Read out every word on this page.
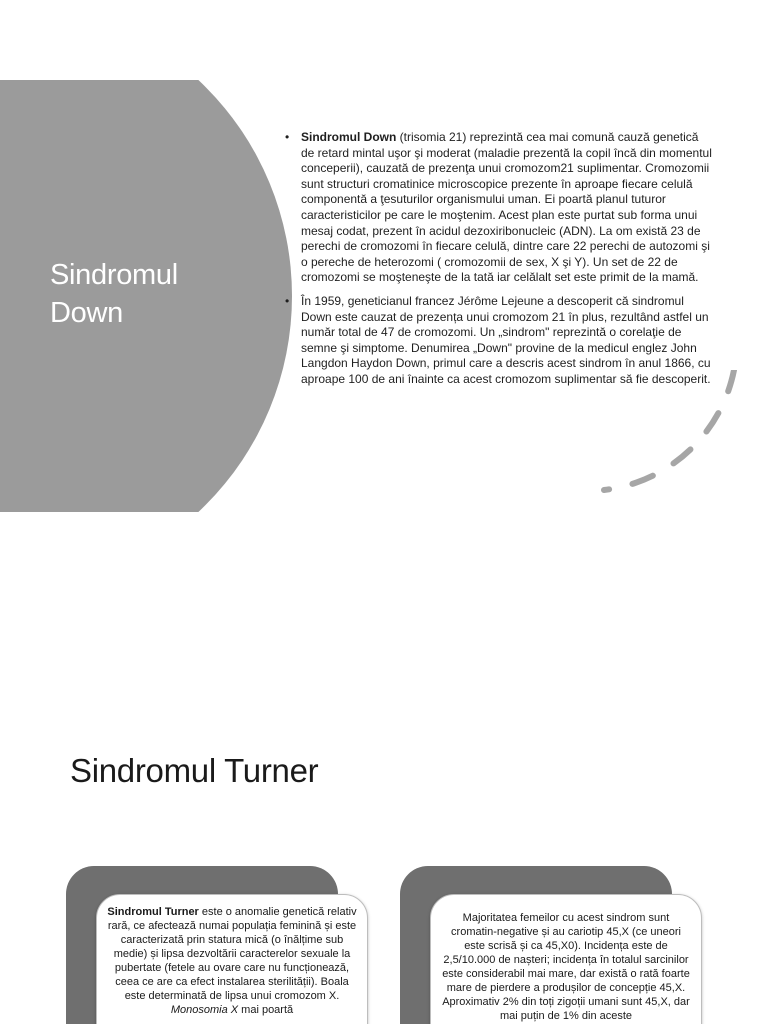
Sindromul Down
• Sindromul Down (trisomia 21) reprezintă cea mai comună cauză genetică de retard mintal uşor şi moderat (maladie prezentă la copil încă din momentul conceperii), cauzată de prezenţa unui cromozom21 suplimentar. Cromozomii sunt structuri cromatinice microscopice prezente în aproape fiecare celulă componentă a ţesuturilor organismului uman. Ei poartă planul tuturor caracteristicilor pe care le moştenim. Acest plan este purtat sub forma unui mesaj codat, prezent în acidul dezoxiribonucleic (ADN). La om există 23 de perechi de cromozomi în fiecare celulă, dintre care 22 perechi de autozomi şi o pereche de heterozomi ( cromozomii de sex, X şi Y). Un set de 22 de cromozomi se moşteneşte de la tată iar celălalt set este primit de la mamă.
• În 1959, geneticianul francez Jérôme Lejeune a descoperit că sindromul Down este cauzat de prezența unui cromozom 21 în plus, rezultând astfel un număr total de 47 de cromozomi. Un „sindrom" reprezintă o corelaţie de semne şi simptome. Denumirea „Down" provine de la medicul englez John Langdon Haydon Down, primul care a descris acest sindrom în anul 1866, cu aproape 100 de ani înainte ca acest cromozom suplimentar să fie descoperit.
Sindromul Turner
Sindromul Turner este o anomalie genetică relativ rară, ce afectează numai populația feminină și este caracterizată prin statura mică (o înălțime sub medie) și lipsa dezvoltării caracterelor sexuale la pubertate (fetele au ovare care nu funcționează, ceea ce are ca efect instalarea sterilității). Boala este determinată de lipsa unui cromozom X. Monosomia X mai poartă
Majoritatea femeilor cu acest sindrom sunt cromatin-negative și au cariotip 45,X (ce uneori este scrisă și ca 45,X0). Incidența este de 2,5/10.000 de nașteri; incidența în totalul sarcinilor este considerabil mai mare, dar există o rată foarte mare de pierdere a produșilor de concepție 45,X. Aproximativ 2% din toți zigoții umani sunt 45,X, dar mai puțin de 1% din aceste
